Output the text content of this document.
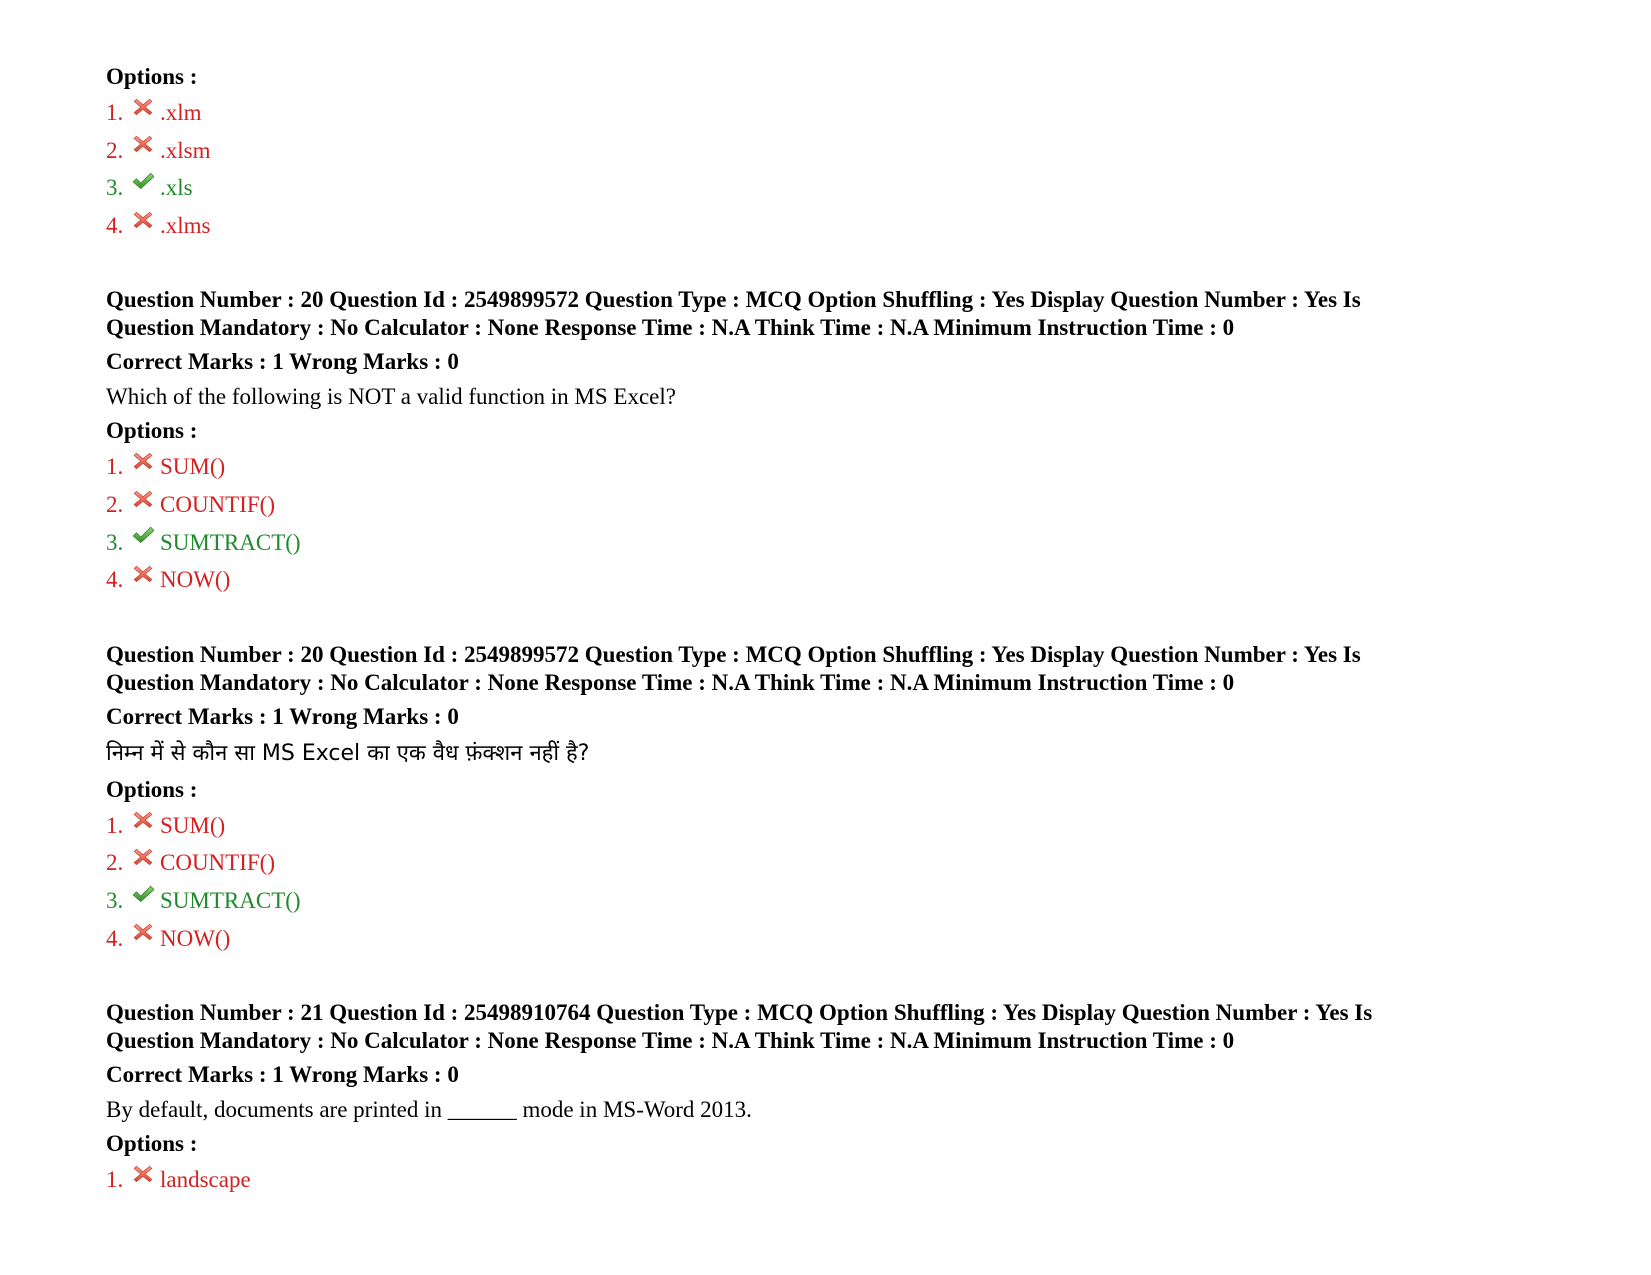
Options :

1.	.xlm
2.	.xlsm
3.	.xls
4.	.xlms

Question Number : 20 Question Id : 2549899572 Question Type : MCQ Option Shuffling : Yes Display Question Number : Yes Is
Question Mandatory : No Calculator : None Response Time : N.A Think Time : N.A Minimum Instruction Time : 0

Correct Marks : 1 Wrong Marks : 0

Which of the following is NOT a valid function in MS Excel?

Options :

1.	SUM()
2.	COUNTIF()
3.	SUMTRACT()
4.	NOW()

Question Number : 20 Question Id : 2549899572 Question Type : MCQ Option Shuffling : Yes Display Question Number : Yes Is
Question Mandatory : No Calculator : None Response Time : N.A Think Time : N.A Minimum Instruction Time : 0

Correct Marks : 1 Wrong Marks : 0

निम्न में से कौन सा MS Excel का एक वैध फ़ंक्शन नहीं है?

Options :

1.	SUM()
2.	COUNTIF()
3.	SUMTRACT()
4.	NOW()

Question Number : 21 Question Id : 25498910764 Question Type : MCQ Option Shuffling : Yes Display Question Number : Yes Is
Question Mandatory : No Calculator : None Response Time : N.A Think Time : N.A Minimum Instruction Time : 0

Correct Marks : 1 Wrong Marks : 0

By default, documents are printed in ______ mode in MS-Word 2013.

Options :

1.	landscape
